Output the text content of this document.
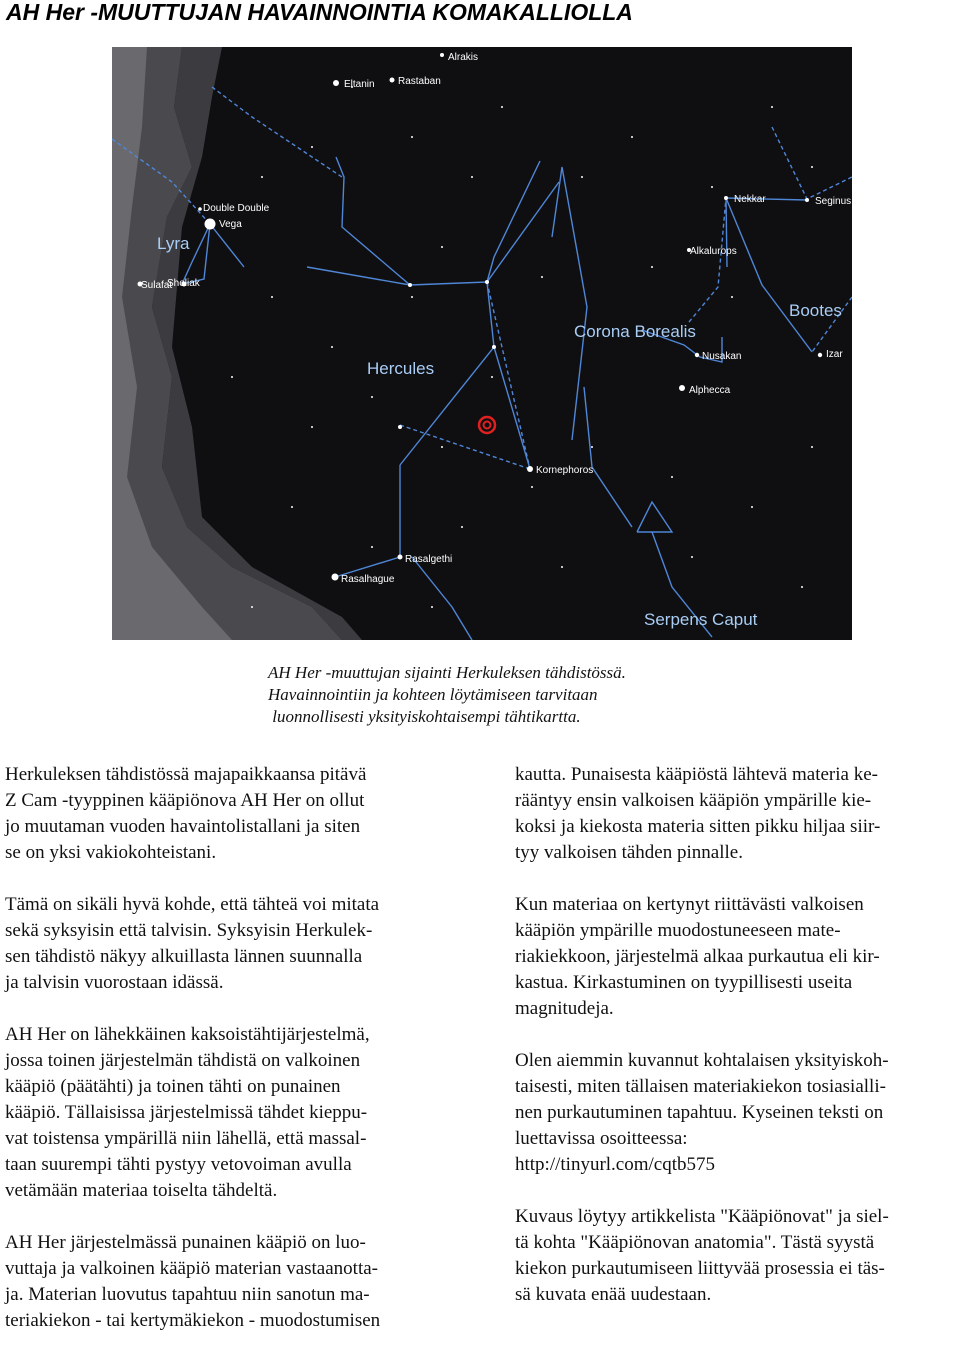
AH Her -MUUTTUJAN HAVAINNOINTIA KOMAKALLIOLLA
Eltanin Rastaban
Alrakis
Double Double
Vega
Sulafat
Sheliak
Nekkar	Seginus
Alkalurops
Nusakan	Izar
Alphecca
Kornephoros
Rasalgethi
Rasalhague
Lyra
Hercules
Corona Borealis
Bootes
Serpens Caput
AH Her -muuttujan sijainti Herkuleksen tähdistössä.
Havainnointiin ja kohteen löytämiseen tarvitaan
luonnollisesti yksityiskohtaisempi tähtikartta.

Herkuleksen tähdistössä majapaikkaansa pitävä
Z Cam -tyyppinen kääpiönova AH Her on ollut
jo muutaman vuoden havaintolistallani ja siten
se on yksi vakiokohteistani.

Tämä on sikäli hyvä kohde, että tähteä voi mitata
sekä syksyisin että talvisin. Syksyisin Herkulek-
sen tähdistö näkyy alkuillasta lännen suunnalla
ja talvisin vuorostaan idässä.

AH Her on lähekkäinen kaksoistähtijärjestelmä,
jossa toinen järjestelmän tähdistä on valkoinen
kääpiö (päätähti) ja toinen tähti on punainen
kääpiö. Tällaisissa järjestelmissä tähdet kieppu-
vat toistensa ympärillä niin lähellä, että massal-
taan suurempi tähti pystyy vetovoiman avulla
vetämään materiaa toiselta tähdeltä.

AH Her järjestelmässä punainen kääpiö on luo-
vuttaja ja valkoinen kääpiö materian vastaanotta-
ja. Materian luovutus tapahtuu niin sanotun ma-
teriakiekon - tai kertymäkiekon - muodostumisen

kautta. Punaisesta kääpiöstä lähtevä materia ke-
rääntyy ensin valkoisen kääpiön ympärille kie-
koksi ja kiekosta materia sitten pikku hiljaa siir-
tyy valkoisen tähden pinnalle.

Kun materiaa on kertynyt riittävästi valkoisen
kääpiön ympärille muodostuneeseen mate-
riakiekkoon, järjestelmä alkaa purkautua eli kir-
kastua. Kirkastuminen on tyypillisesti useita
magnitudeja.

Olen aiemmin kuvannut kohtalaisen yksityiskoh-
taisesti, miten tällaisen materiakiekon tosiasialli-
nen purkautuminen tapahtuu. Kyseinen teksti on
luettavissa osoitteessa:
http://tinyurl.com/cqtb575

Kuvaus löytyy artikkelista "Kääpiönovat" ja siel-
tä kohta "Kääpiönovan anatomia". Tästä syystä
kiekon purkautumiseen liittyvää prosessia ei täs-
sä kuvata enää uudestaan.
